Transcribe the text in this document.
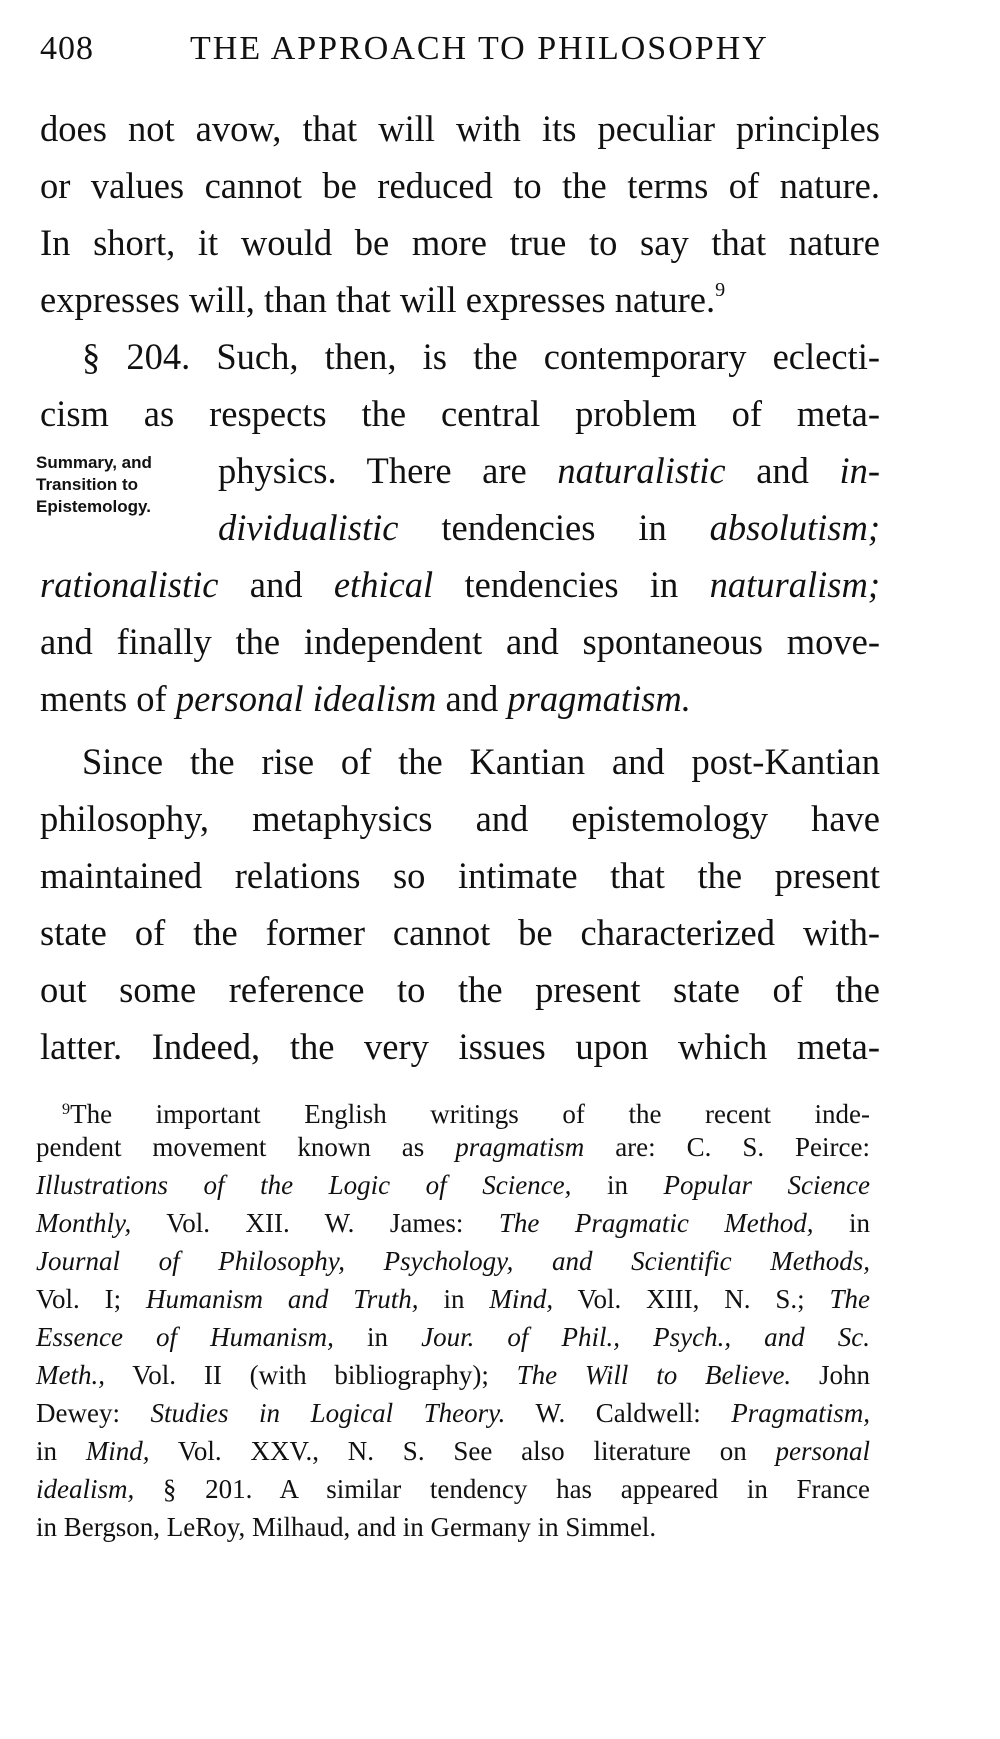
408	THE APPROACH TO PHILOSOPHY
does not avow, that will with its peculiar principles
or values cannot be reduced to the terms of nature.
In short, it would be more true to say that nature
expresses will, than that will expresses nature.$^9$
§ 204. Such, then, is the contemporary eclecti-
cism as respects the central problem of meta-
physics. There are naturalistic and in-
dividualistic tendencies in absolutism;
rationalistic and ethical tendencies in naturalism;
and finally the independent and spontaneous move-
ments of personal idealism and pragmatism.
Since the rise of the Kantian and post-Kantian
philosophy, metaphysics and epistemology have
maintained relations so intimate that the present
state of the former cannot be characterized with-
out some reference to the present state of the
latter. Indeed, the very issues upon which meta-
Summary, and
Transition to
Epistemology.
$^9$The important English writings of the recent inde-
pendent movement known as pragmatism are: C. S. Peirce:
Illustrations of the Logic of Science, in Popular Science
Monthly, Vol. XII. W. James: The Pragmatic Method, in
Journal of Philosophy, Psychology, and Scientific Methods,
Vol. I; Humanism and Truth, in Mind, Vol. XIII, N. S.; The
Essence of Humanism, in Jour. of Phil., Psych., and Sc.
Meth., Vol. II (with bibliography); The Will to Believe. John
Dewey: Studies in Logical Theory. W. Caldwell: Pragmatism,
in Mind, Vol. XXV., N. S. See also literature on personal
idealism, § 201. A similar tendency has appeared in France
in Bergson, LeRoy, Milhaud, and in Germany in Simmel.
